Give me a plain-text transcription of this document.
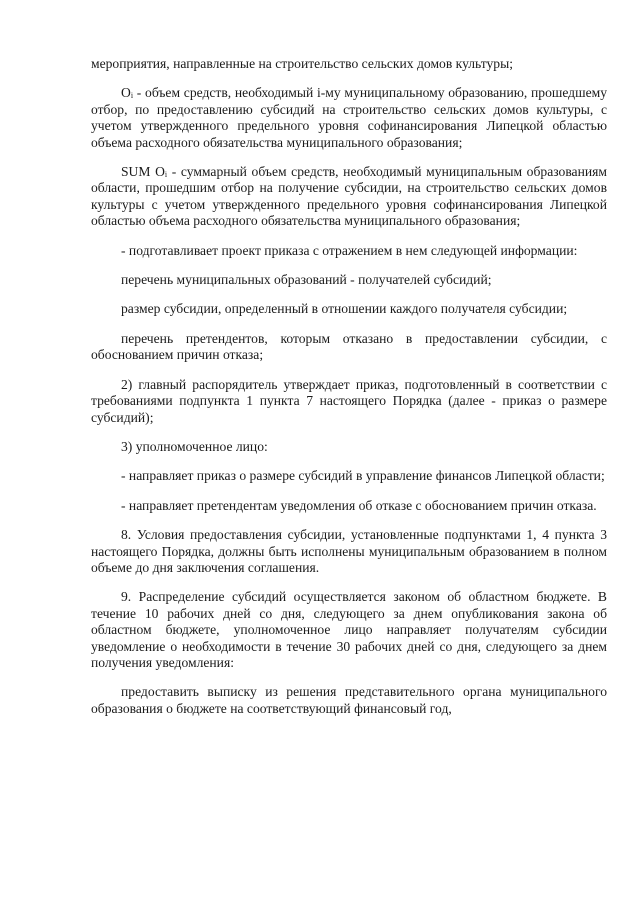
мероприятия, направленные на строительство сельских домов культуры;

$O_i$ - объем средств, необходимый i-му муниципальному образованию, прошедшему отбор, по предоставлению субсидий на строительство сельских домов культуры, с учетом утвержденного предельного уровня софинансирования Липецкой областью объема расходного обязательства муниципального образования;

SUM $O_i$ - суммарный объем средств, необходимый муниципальным образованиям области, прошедшим отбор на получение субсидии, на строительство сельских домов культуры с учетом утвержденного предельного уровня софинансирования Липецкой областью объема расходного обязательства муниципального образования;

- подготавливает проект приказа с отражением в нем следующей информации:

перечень муниципальных образований - получателей субсидий;

размер субсидии, определенный в отношении каждого получателя субсидии;

перечень претендентов, которым отказано в предоставлении субсидии, с обоснованием причин отказа;

2) главный распорядитель утверждает приказ, подготовленный в соответствии с требованиями подпункта 1 пункта 7 настоящего Порядка (далее - приказ о размере субсидий);

3) уполномоченное лицо:

- направляет приказ о размере субсидий в управление финансов Липецкой области;

- направляет претендентам уведомления об отказе с обоснованием причин отказа.

8. Условия предоставления субсидии, установленные подпунктами 1, 4 пункта 3 настоящего Порядка, должны быть исполнены муниципальным образованием в полном объеме до дня заключения соглашения.

9. Распределение субсидий осуществляется законом об областном бюджете. В течение 10 рабочих дней со дня, следующего за днем опубликования закона об областном бюджете, уполномоченное лицо направляет получателям субсидии уведомление о необходимости в течение 30 рабочих дней со дня, следующего за днем получения уведомления:

предоставить выписку из решения представительного органа муниципального образования о бюджете на соответствующий финансовый год,
